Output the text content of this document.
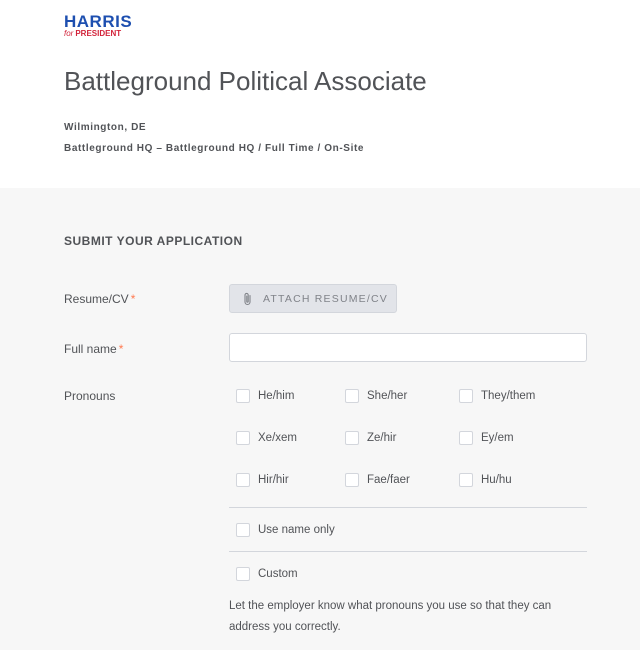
HARRIS
for PRESIDENT
Battleground Political Associate
Wilmington, DE
Battleground HQ – Battleground HQ / Full Time / On-Site
SUBMIT YOUR APPLICATION
Resume/CV *	ATTACH RESUME/CV
Full name *
Pronouns	He/him	She/her	They/them
Xe/xem	Ze/hir	Ey/em
Hir/hir	Fae/faer	Hu/hu
Use name only
Custom
Let the employer know what pronouns you use so that they can address you correctly.
